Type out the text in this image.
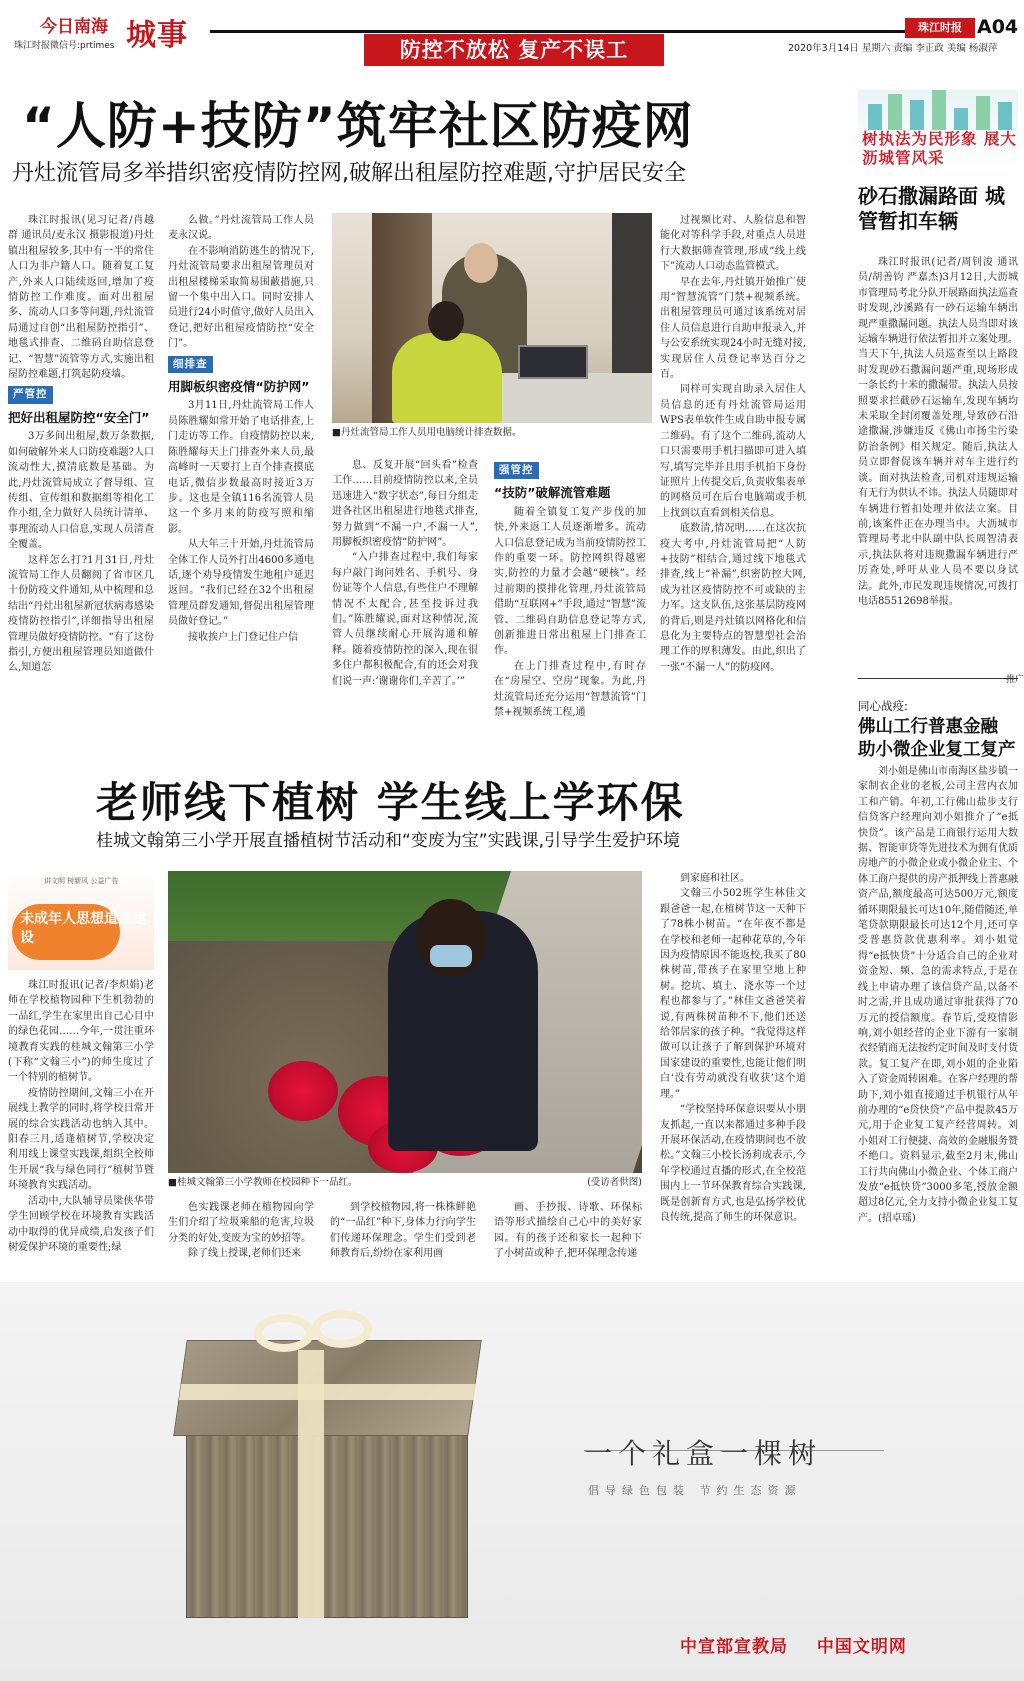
今日南海
珠江时报微信号:prtimes 城事	防控不放松 复产不误工
珠江时报 A04
2020年3月14日 星期六 责编 李正政 美编 杨淑萍
“人防+技防”筑牢社区防疫网
丹灶流管局多举措织密疫情防控网,破解出租屋防控难题,守护居民安全

珠江时报讯(见习记者/肖越群 通讯员/麦永汉 摄影报道)丹灶镇出租屋较多,其中有一半的常住人口为非户籍人口。随着复工复产,外来人口陆续返回,增加了疫情防控工作难度。面对出租屋多、流动人口多等问题,丹灶流管局通过自创“出租屋防控指引”、地毯式排查、二维码自助信息登记、“智慧”流管等方式,实施出租屋防控难题,打筑起防疫墙。

严管控
把好出租屋防控“安全门”

3万多间出租屋,数万条数据,如何破解外来人口防疫难题?人口流动性大,摸清底数是基础。为此,丹灶流管局成立了督导组、宣传组、宣传组和数据组等相化工作小组,全力做好人员统计清单、事理流动人口信息,实现人员清查全覆盖。

这样怎么打?1月31日,丹灶流管局工作人员翻阅了省市区几十份防疫文件通知,从中梳理和总结出“丹灶出租屋新冠状病毒感染疫情防控指引”,详细指导出租屋管理员做好疫情防控。“有了这份指引,方便出租屋管理员知道做什么,知道怎

么做。”丹灶流管局工作人员麦永汉说。

在不影响消防逃生的情况下,丹灶流管局要求出租屋管理员对出租屋楼梯采取简易围蔽措施,只留一个集中出入口。同时安排人员进行24小时值守,做好人员出入登记,把好出租屋疫情防控“安全门”。

细排查
用脚板织密疫情“防护网”

3月11日,丹灶流管局工作人员陈胜耀如常开始了电话排查,上门走访等工作。自疫情防控以来,陈胜耀每天上门排查外来人员,最高峰时一天要打上百个排查摸底电话,微信步数最高时接近3万步。这也是全镇116名流管人员这一个多月来的防疫写照和缩影。

从大年三十开始,丹灶流管局全体工作人员外打出4600多通电话,逐个劝导疫情发生地租户延迟返回。“我们已经在32个出租屋管理员群发通知,督促出租屋管理员做好登记。”

接收挨户上门登记住户信

■丹灶流管局工作人员用电脑统计排查数据。

息、反复开展“回头看”检查工作……目前疫情防控以来,全员迅速进入“数字状态”,每日分组走进各社区出租屋进行地毯式排查,努力做到“不漏一户,不漏一人”,用脚板织密疫情“防护网”。

“入户排查过程中,我们每家每户敲门询问姓名、手机号、身份证等个人信息,有些住户不理解情况不太配合,甚至投诉过我们。”陈胜耀说,面对这种情况,流管人员继续耐心开展沟通和解释。随着疫情防控的深入,现在很多住户都积极配合,有的还会对我们说一声:‘谢谢你们,辛苦了。’”

强管控
“技防”破解流管难题

随着全镇复工复产步伐的加快,外来返工人员逐渐增多。流动人口信息登记成为当前疫情防控工作的重要一环。防控网织得越密实,防控的力量才会越“硬核”。经过前期的摸排化管理,丹灶流管局借助“互联网+”手段,通过“智慧”流管、二维码自助信息登记等方式,创新推进日常出租屋上门排查工作。

在上门排查过程中,有时存在“房屋空、空房”现象。为此,丹灶流管局还充分运用“智慧流管”门禁+视频系统工程,通

过视频比对、人脸信息和智能化对等科学手段,对重点人员进行大数据筛查管理,形成“线上线下”流动人口动态监管模式。

早在去年,丹灶镇开始推广使用“智慧流管”门禁+视频系统。出租屋管理员可通过该系统对居住人员信息进行自助申报录入,并与公安系统实现24小时无缝对接,实现居住人员登记率达百分之百。

同样可实现自助录入居住人员信息的还有丹灶流管局运用WPS表单软件生成自助申报专属二维码。有了这个二维码,流动人口只需要用手机扫描即可进入填写,填写完毕并且用手机拍下身份证照片上传提交后,负责收集表单的网格员可在后台电脑端或手机上找到以直看到相关信息。

底数清,情况明……在这次抗疫大考中,丹灶流管局把“人防+技防”相结合,通过线下地毯式排查,线上“补漏”,织密防控大网,成为社区疫情防控不可或缺的主力军。这支队伍,这张基层防疫网的背后,则是丹灶镇以网格化和信息化为主要特点的智慧型社会治理工作的厚积薄发。由此,织出了一张“不漏一人”的防疫网。

老师线下植树 学生线上学环保
桂城文翰第三小学开展直播植树节活动和“变废为宝”实践课,引导学生爱护环境
讲文明 树新风 公益广告
未成年人思想道德建设

珠江时报讯(记者/李炽娟)老师在学校植物园种下生机勃勃的一品红,学生在家里出自己心目中的绿色花园……今年,一贯注重环境教育实践的桂城文翰第三小学(下称“文翰三小”)的师生度过了一个特别的植树节。

疫情防控期间,文翰三小在开展线上教学的同时,将学校日常开展的综合实践活动也纳入其中。阳春三月,适逢植树节,学校决定利用线上课堂实践课,组织全校师生开展“我与绿色同行”植树节暨环境教育实践活动。

活动中,大队辅导员梁侠华带学生回顾学校在环境教育实践活动中取得的优异成绩,启发孩子们树爱保护环境的重要性;绿

■桂城文翰第三小学教师在校园种下一品红。	(受访者供图)

色实践课老师在植物园向学生们介绍了垃圾乘船的危害,垃圾分类的好处,变废为宝的妙招等。

除了线上授课,老师们还来

到学校植物园,将一株株鲜艳的“一品红”种下,身体力行向学生们传递环保理念。学生们受到老师教育后,纷纷在家利用画

画、手抄报、诗歌、环保标语等形式描绘自己心中的美好家园。有的孩子还和家长一起种下了小树苗或种子,把环保理念传递

到家庭和社区。

文翰三小502班学生林佳文跟爸爸一起,在植树节这一天种下了78株小树苗。“在年夜不都是在学校和老师一起种花草的,今年因为疫情原因不能返校,我买了80株树苗,带孩子在家里空地上种树。挖坑、填土、浇水等一个过程也都参与了。”林佳文爸爸笑着说,有两株树苗种不下,他们还送给邻居家的孩子种。“我觉得这样做可以让孩子了解到保护环境对国家建设的重要性,也能让他们明白‘没有劳动就没有收获’这个道理。”

“学校坚持环保意识要从小朋友抓起,一直以来都通过多种手段开展环保活动,在疫情期间也不放松。”文翰三小校长汤莉成表示,今年学校通过直播的形式,在全校范围内上一节环保教育综合实践课,既是创新育方式,也是弘扬学校优良传统,提高了师生的环保意识。

树执法为民形象 展大沥城管风采
砂石撒漏路面 城管暂扣车辆

珠江时报讯(记者/周钊浚 通讯员/胡善钧 严嘉杰)3月12日,大沥城市管理局考北分队开展路面执法巡查时发现,沙溪路有一砂石运输车辆出现严重撒漏问题。执法人员当即对该运输车辆进行依法暂扣并立案处理。当天下午,执法人员巡查至以上路段时发现砂石撒漏问题严重,现场形成一条长约十米的撒漏带。执法人员按照要求拦截砂石运输车,发现车辆均未采取全封闭覆盖处理,导致砂石沿途撒漏,涉嫌违反《佛山市扬尘污染防治条例》相关规定。随后,执法人员立即督促该车辆并对车主进行约谈。面对执法检查,司机对违规运输有无行为供认不讳。执法人员随即对车辆进行暂扣处理并依法立案。目前,该案件正在办理当中。大沥城市管理局考北中队副中队长周智清表示,执法队将对违规撒漏车辆进行严厉查处,呼吁从业人员不要以身试法。此外,市民发现违规情况,可拨打电话85512698举报。

推广
同心战疫:
佛山工行普惠金融 助小微企业复工复产

刘小姐是佛山市南海区盐步镇一家制衣企业的老板,公司主营内衣加工和产销。年初,工行佛山盐步支行信贷客户经理向刘小姐推介了“e抵快贷”。该产品是工商银行运用大数据、智能审贷等先进技术为拥有优质房地产的小微企业或小微企业主、个体工商户提供的房产抵押线上普惠融资产品,额度最高可达500万元,额度循环期限最长可达10年,随借随还,单笔贷款期限最长可达12个月,还可享受普惠贷款优惠利率。刘小姐觉得“e抵快贷”十分适合自己的企业对资金短、频、急的需求特点,于是在线上申请办理了该信贷产品,以备不时之需,并且成功通过审批获得了70万元的授信额度。春节后,受疫情影响,刘小姐经营的企业下游有一家制衣经销商无法按约定时间及时支付货款。复工复产在即,刘小姐的企业陷入了资金周转困难。在客户经理的帮助下,刘小姐直接通过手机银行从年前办理的“e贷快贷”产品中提款45万元,用于企业复工复产经营周转。刘小姐对工行便捷、高效的金融服务赞不绝口。资料显示,截至2月末,佛山工行共向佛山小微企业、个体工商户发放“e抵快贷”3000多笔,授放金额超过8亿元,全力支持小微企业复工复产。(招卓瑶)

一个礼盒一棵树
倡导绿色包装 节约生态资源
中宣部宣教局 中国文明网
